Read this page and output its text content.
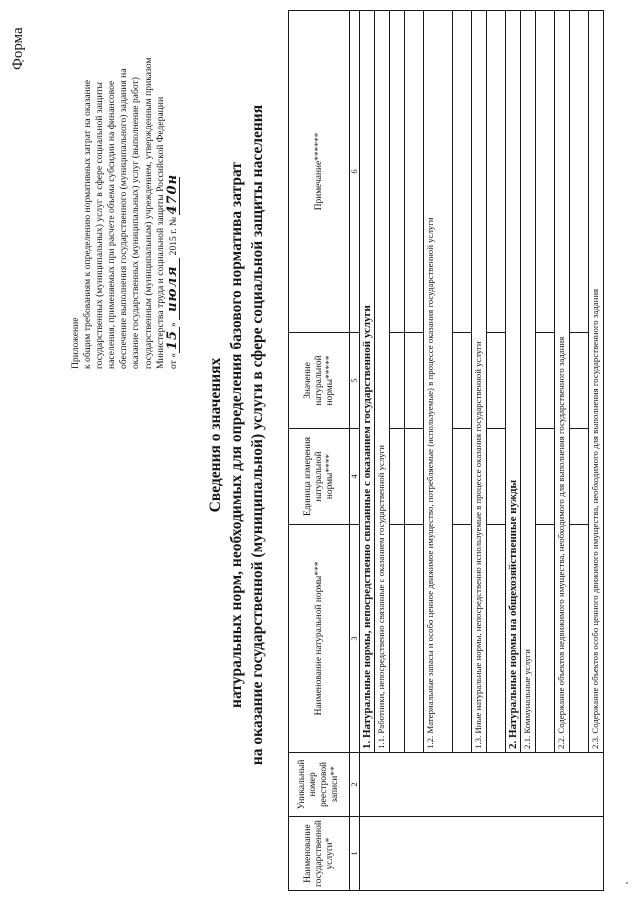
Форма

Приложение к общим требованиям к определению нормативных затрат на оказание государственных (муниципальных) услуг в сфере социальной защиты населения, применяемых при расчете объема субсидии на финансовое обеспечение выполнения государственного (муниципального) задания на оказание государственных (муниципальных) услуг (выполнение работ) государственным (муниципальным) учреждением, утвержденным приказом Министерства труда и социальной защиты Российской Федерации от «15» июля 2015 г. № 470н

Сведения о значениях натуральных норм, необходимых для определения базового норматива затрат на оказание государственной (муниципальной) услуги в сфере социальной защиты населения

Наименование государственной услуги*	Уникальный номер реестровой записи**	Наименование натуральной нормы***	Единица измерения натуральной нормы****	Значение натуральной нормы*****	Примечание******
1	2	3	4	5	6
		1. Натуральные нормы, непосредственно связанные с оказанием государственной услуги			
		1.1. Работники, непосредственно связанные с оказанием государственной услуги			

		1.2. Материальные запасы и особо ценное движимое имущество, потребляемые (используемые) в процессе оказания государственной услуги			

		1.3. Иные натуральные нормы, непосредственно используемые в процессе оказания государственной услуги			

		2. Натуральные нормы на общехозяйственные нужды			
		2.1. Коммунальные услуги			

		2.2. Содержание объектов недвижимого имущества, необходимого для выполнения государственного задания			

		2.3. Содержание объектов особо ценного движимого имущества, необходимого для выполнения государственного задания			
